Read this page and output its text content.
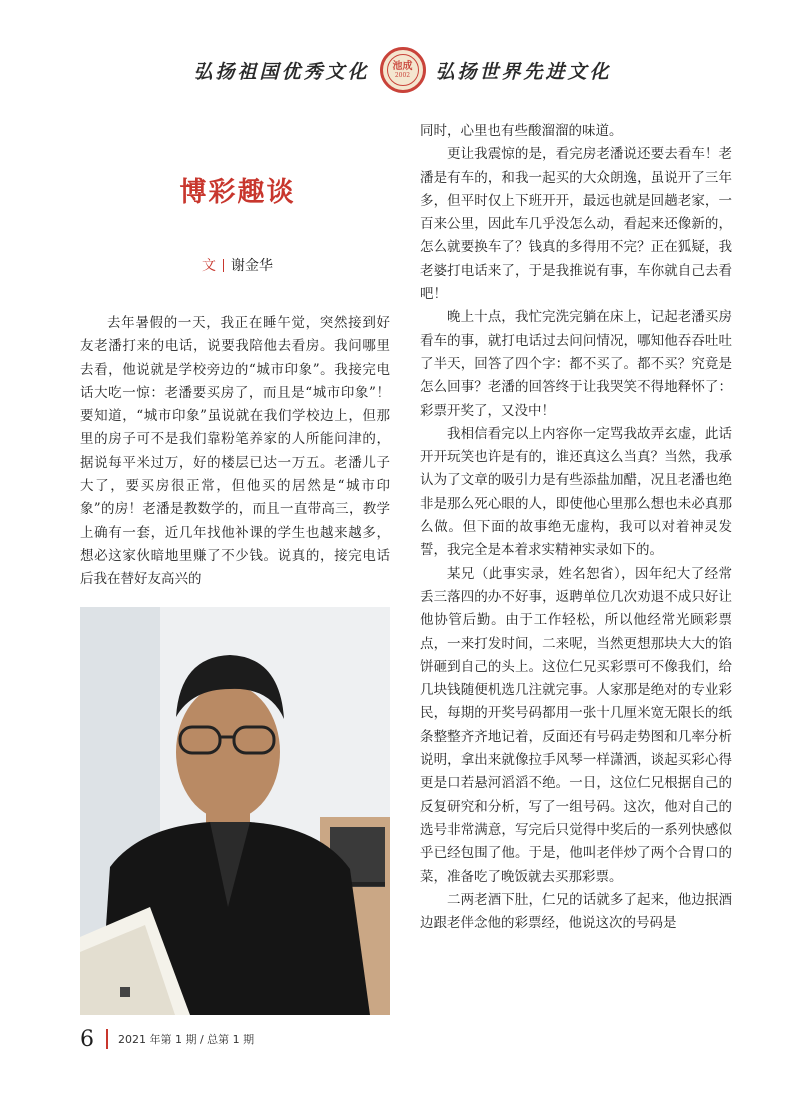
弘扬祖国优秀文化 池成
2002 弘扬世界先进文化
博彩趣谈
文 谢金华

去年暑假的一天，我正在睡午觉，突然接到好友老潘打来的电话，说要我陪他去看房。我问哪里去看，他说就是学校旁边的“城市印象”。我接完电话大吃一惊：老潘要买房了，而且是“城市印象”！要知道，“城市印象”虽说就在我们学校边上，但那里的房子可不是我们靠粉笔养家的人所能问津的，据说每平米过万，好的楼层已达一万五。老潘儿子大了，要买房很正常，但他买的居然是“城市印象”的房！老潘是教数学的，而且一直带高三，教学上确有一套，近几年找他补课的学生也越来越多，想必这家伙暗地里赚了不少钱。说真的，接完电话后我在替好友高兴的

同时，心里也有些酸溜溜的味道。

更让我震惊的是，看完房老潘说还要去看车！老潘是有车的，和我一起买的大众朗逸，虽说开了三年多，但平时仅上下班开开，最远也就是回趟老家，一百来公里，因此车几乎没怎么动，看起来还像新的，怎么就要换车了？钱真的多得用不完？正在狐疑，我老婆打电话来了，于是我推说有事，车你就自己去看吧！

晚上十点，我忙完洗完躺在床上，记起老潘买房看车的事，就打电话过去问问情况，哪知他吞吞吐吐了半天，回答了四个字：都不买了。都不买？究竟是怎么回事？老潘的回答终于让我哭笑不得地释怀了：彩票开奖了，又没中！

我相信看完以上内容你一定骂我故弄玄虚，此话开开玩笑也许是有的，谁还真这么当真？当然，我承认为了文章的吸引力是有些添盐加醋，况且老潘也绝非是那么死心眼的人，即使他心里那么想也未必真那么做。但下面的故事绝无虚构，我可以对着神灵发誓，我完全是本着求实精神实录如下的。

某兄（此事实录，姓名恕省），因年纪大了经常丢三落四的办不好事，返聘单位几次劝退不成只好让他协管后勤。由于工作轻松，所以他经常光顾彩票点，一来打发时间，二来呢，当然更想那块大大的馅饼砸到自己的头上。这位仁兄买彩票可不像我们，给几块钱随便机选几注就完事。人家那是绝对的专业彩民，每期的开奖号码都用一张十几厘米宽无限长的纸条整整齐齐地记着，反面还有号码走势图和几率分析说明，拿出来就像拉手风琴一样潇洒，谈起买彩心得更是口若悬河滔滔不绝。一日，这位仁兄根据自己的反复研究和分析，写了一组号码。这次，他对自己的选号非常满意，写完后只觉得中奖后的一系列快感似乎已经包围了他。于是，他叫老伴炒了两个合胃口的菜，准备吃了晚饭就去买那彩票。

二两老酒下肚，仁兄的话就多了起来，他边抿酒边跟老伴念他的彩票经，他说这次的号码是

6 2021 年第 1 期 / 总第 1 期
